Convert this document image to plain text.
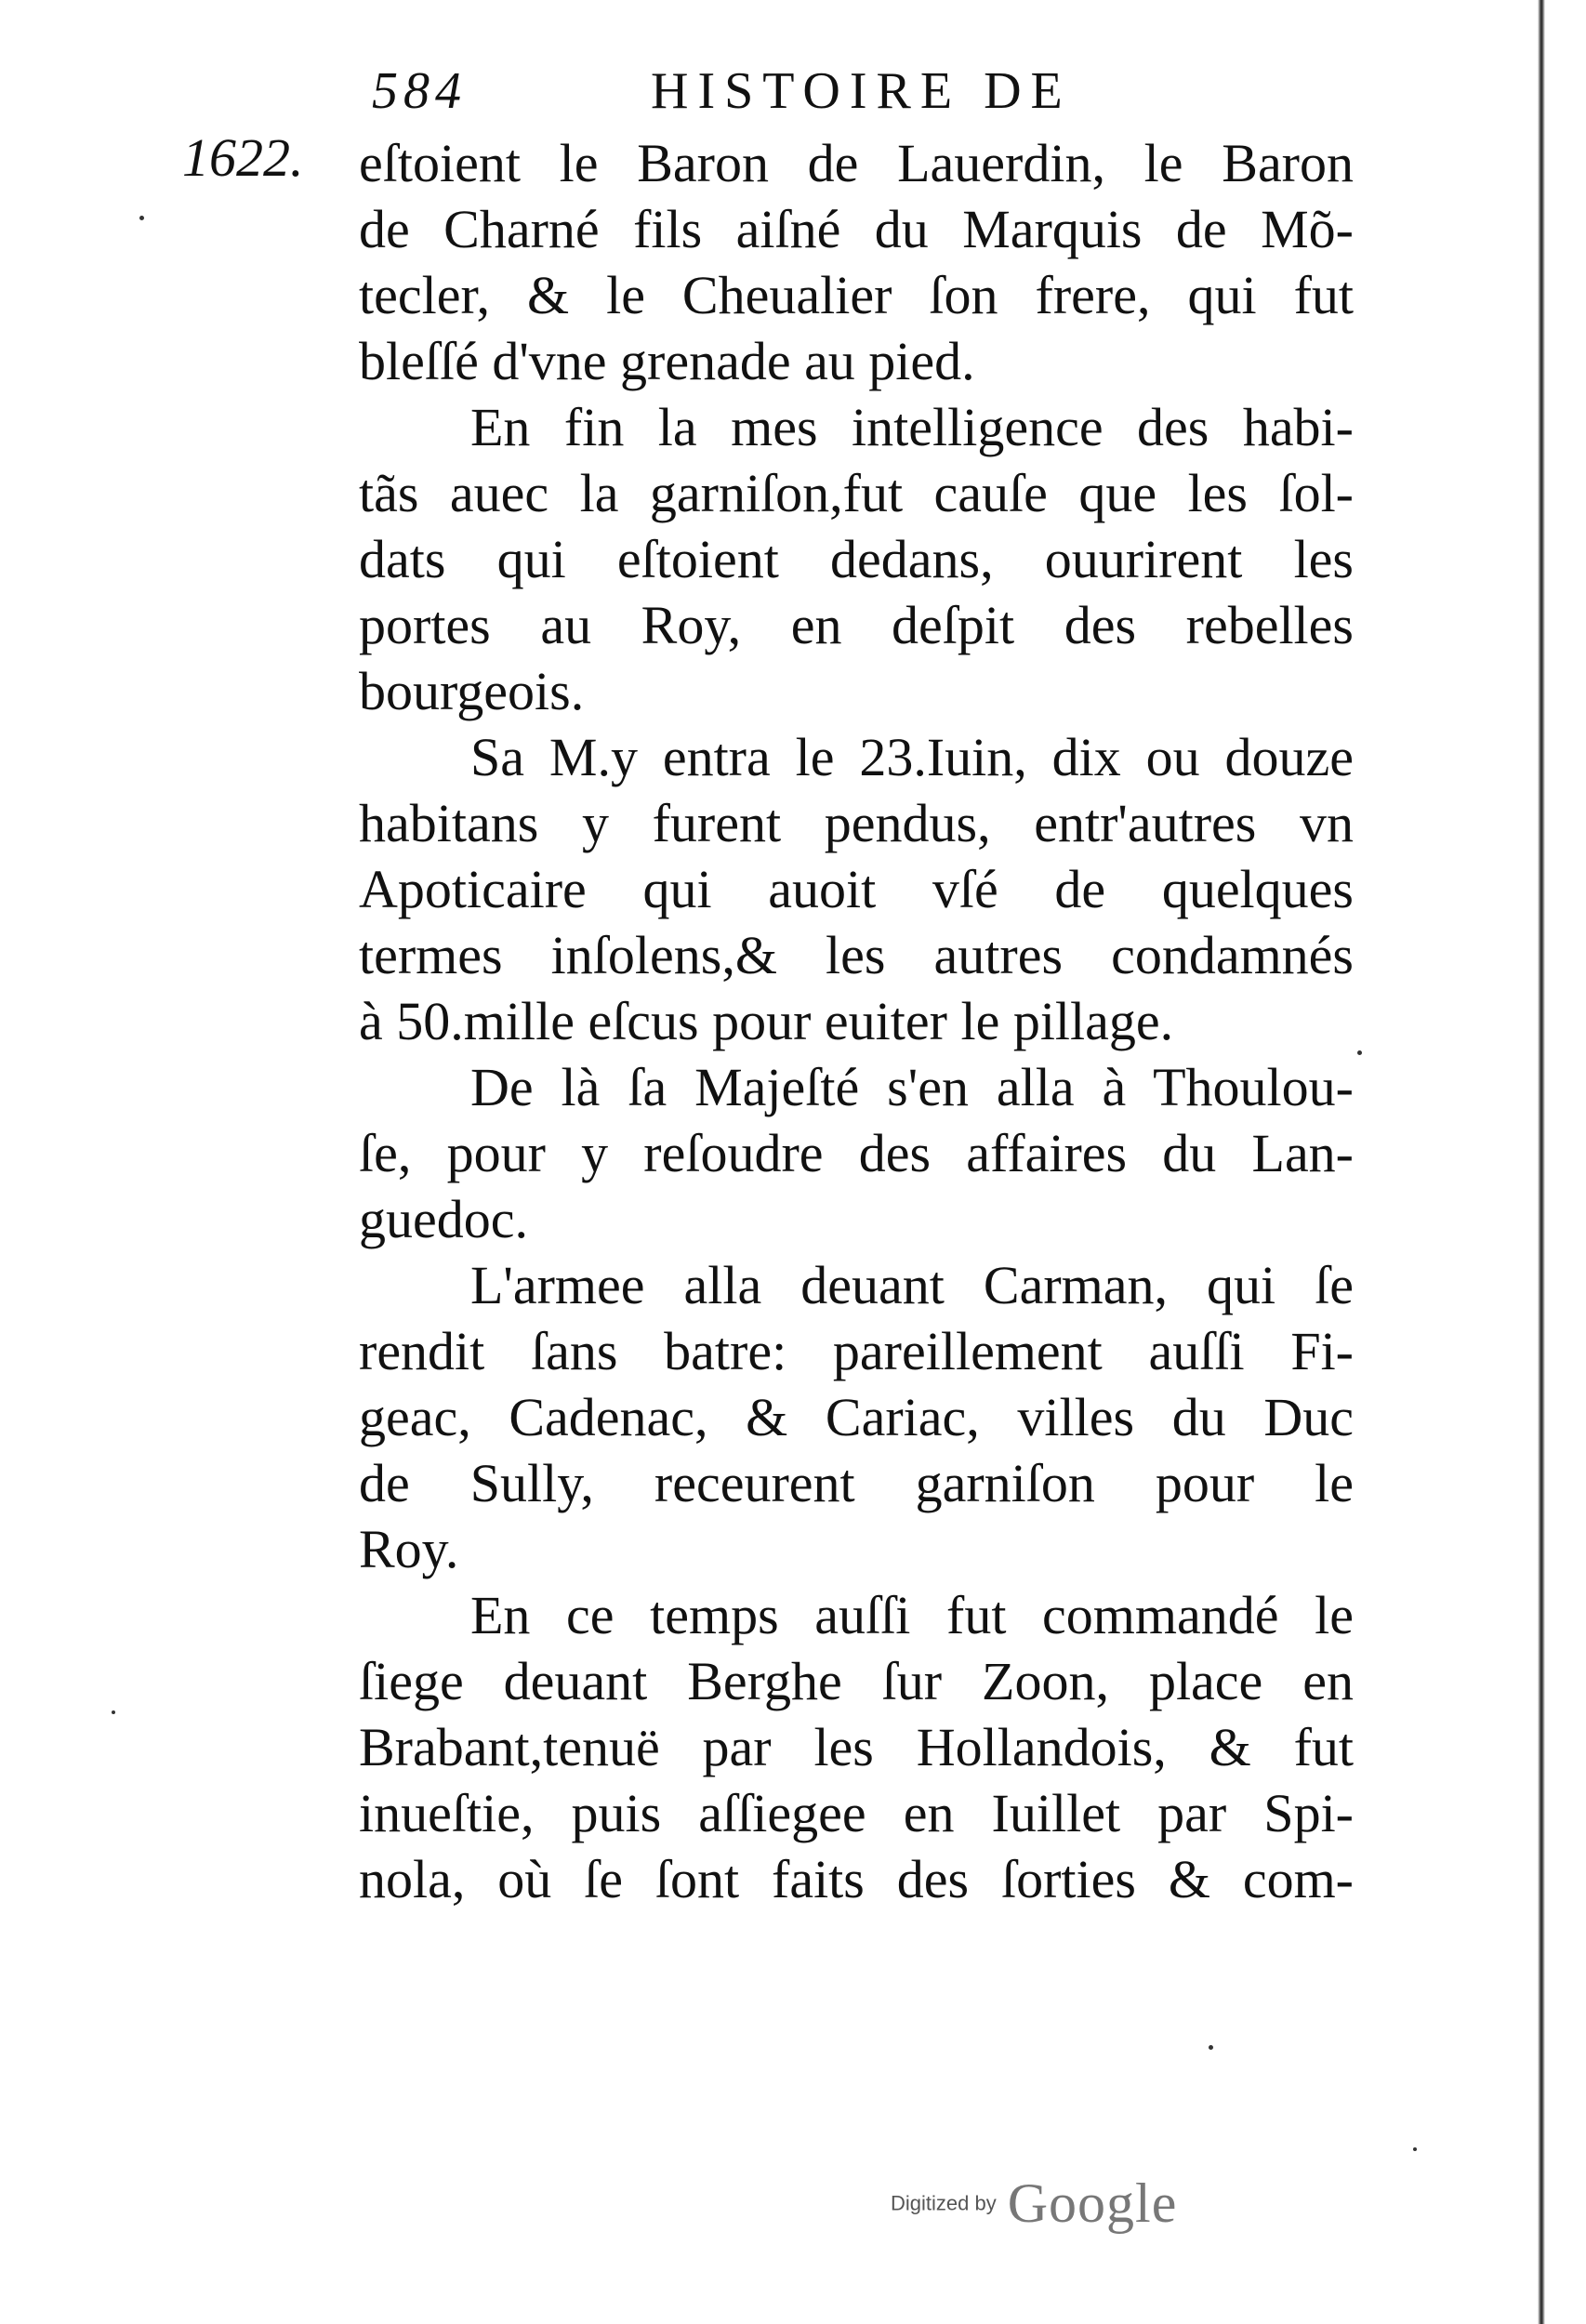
584	HISTOIRE DE
1622. eſtoient le Baron de Lauerdin, le Baron
de Charné fils aiſné du Marquis de Mõ-
tecler, & le Cheualier ſon frere, qui fut
bleſſé d'vne grenade au pied.
En fin la mes intelligence des habi-
tãs auec la garniſon,fut cauſe que les ſol-
dats qui eſtoient dedans, ouurirent les
portes au Roy, en deſpit des rebelles
bourgeois.
Sa M.y entra le 23.Iuin, dix ou douze
habitans y furent pendus, entr'autres vn
Apoticaire qui auoit vſé de quelques
termes inſolens,& les autres condamnés
à 50.mille eſcus pour euiter le pillage.
De là ſa Majeſté s'en alla à Thoulou-
ſe, pour y reſoudre des affaires du Lan-
guedoc.
L'armee alla deuant Carman, qui ſe
rendit ſans batre: pareillement auſſi Fi-
geac, Cadenac, & Cariac, villes du Duc
de Sully, receurent garniſon pour le
Roy.
En ce temps auſſi fut commandé le
ſiege deuant Berghe ſur Zoon, place en
Brabant,tenuë par les Hollandois, & fut
inueſtie, puis aſſiegee en Iuillet par Spi-
nola, où ſe ſont faits des ſorties & com-
Digitized by Google
